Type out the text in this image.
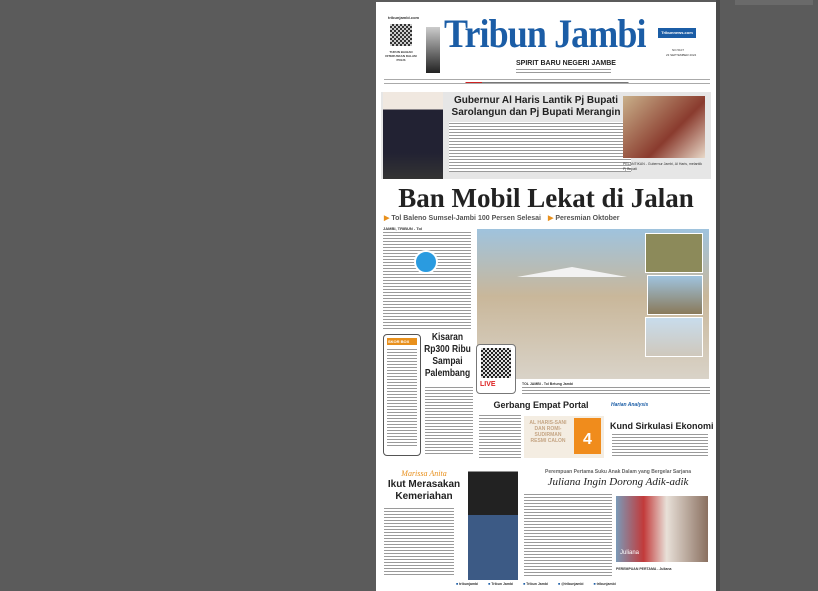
tribunjambi.com
TURUN BAGIAN DITERUSKAN DALAM POLIS
Tribun Jambi
SPIRIT BARU NEGERI JAMBE
Tribunnews.com
NO.5107
23 SEPTEMBER 2024
Gubernur Al Haris Lantik Pj Bupati Sarolangun dan Pj Bupati Merangin
PELANTIKAN - Gubernur Jambi, Al Haris, melantik Pj Bupati
Ban Mobil Lekat di Jalan
▶ Tol Baleno Sumsel-Jambi 100 Persen Selesai ▶ Peresmian Oktober
JAMBI, TRIBUN - Tol
LIVE	TOL JAMBI - Tol Betung Jambi
SKOR BOX	Kisaran Rp300 Ribu Sampai Palembang
Gerbang Empat Portal
AL HARIS-SANI DAN ROMI-SUDIRMAN RESMI CALON	4
Harian Analysis
Kund Sirkulasi Ekonomi
Marissa Anita
Ikut Merasakan Kemeriahan
Perempuan Pertama Suku Anak Dalam yang Bergelar Sarjana
Juliana Ingin Dorong Adik-adik
Juliana
PEREMPUAN PERTAMA - Juliana
■ tribunjambi	■ Tribun Jambi	■ Tribun Jambi	■ @tribunjambi	■ tribunjambi
